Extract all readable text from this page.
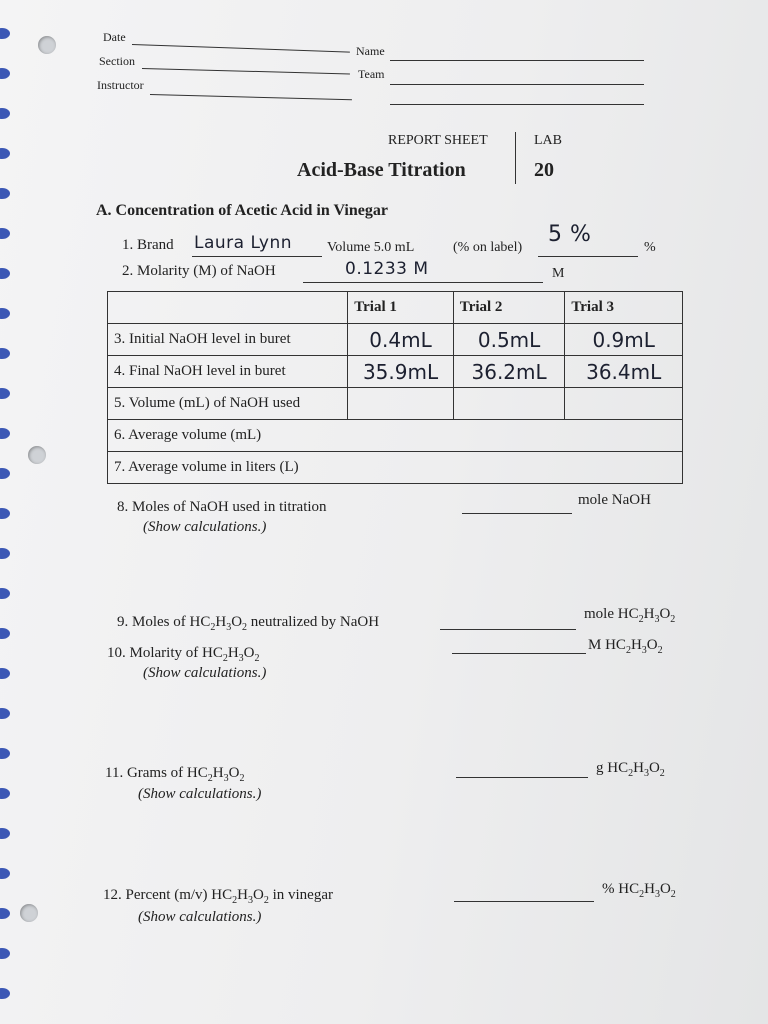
Date
Section
Instructor
Name
Team
REPORT SHEET	LAB
Acid-Base Titration	20
A. Concentration of Acetic Acid in Vinegar
1. Brand Laura Lynn	Volume 5.0 mL	(% on label)
5 %
%
2. Molarity (M) of NaOH	0.1233 M	M
	Trial 1	Trial 2	Trial 3
3. Initial NaOH level in buret	0.4mL	0.5mL	0.9mL
4. Final NaOH level in buret	35.9mL	36.2mL	36.4mL
5. Volume (mL) of NaOH used			
6. Average volume (mL)			
7. Average volume in liters (L)			
8. Moles of NaOH used in titration
(Show calculations.)
mole NaOH
9. Moles of $HC_2H_3O_2$ neutralized by NaOH	mole $HC_2H_3O_2$
10. Molarity of $HC_2H_3O_2$
(Show calculations.)
M $HC_2H_3O_2$
11. Grams of $HC_2H_3O_2$
(Show calculations.)
g $HC_2H_3O_2$
12. Percent (m/v) $HC_2H_3O_2$ in vinegar
(Show calculations.)
% $HC_2H_3O_2$
